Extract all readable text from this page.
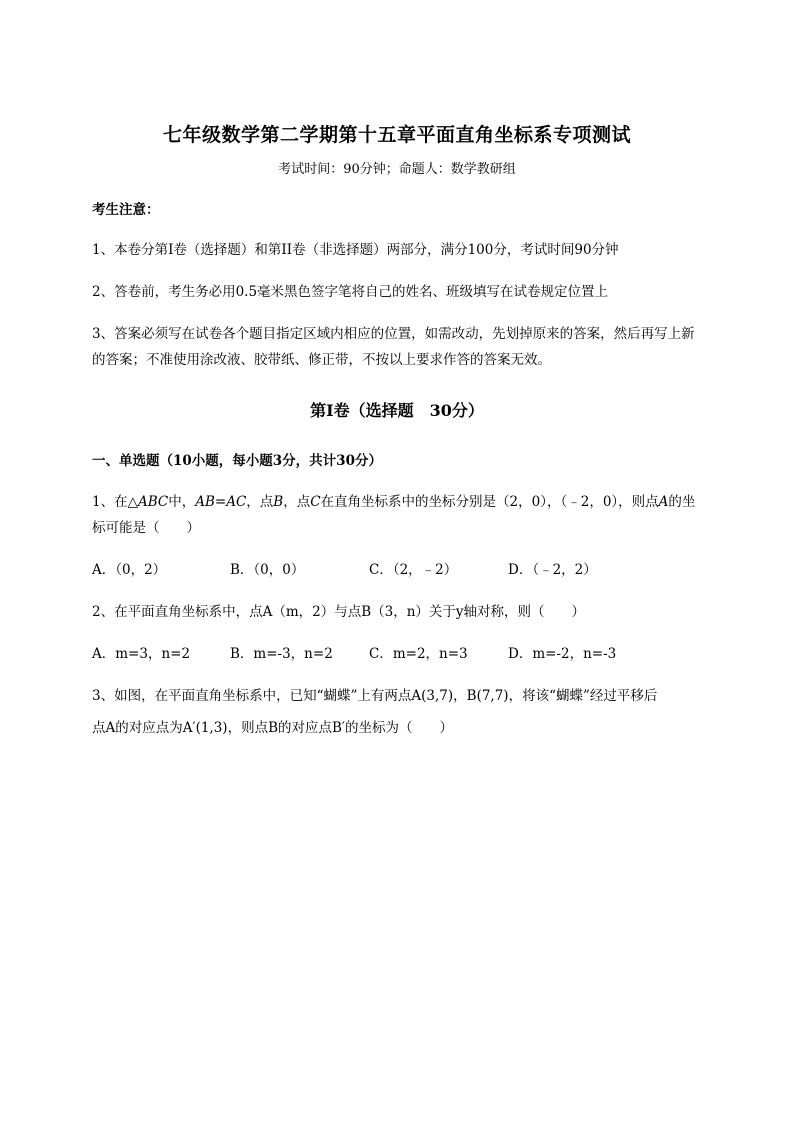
七年级数学第二学期第十五章平面直角坐标系专项测试
考试时间：90分钟；命题人：数学教研组
考生注意：
1、本卷分第I卷（选择题）和第II卷（非选择题）两部分，满分100分，考试时间90分钟
2、答卷前，考生务必用0.5毫米黑色签字笔将自己的姓名、班级填写在试卷规定位置上
3、答案必须写在试卷各个题目指定区域内相应的位置，如需改动，先划掉原来的答案，然后再写上新
的答案；不准使用涂改液、胶带纸、修正带，不按以上要求作答的答案无效。
第I卷（选择题　30分）
一、单选题（10小题，每小题3分，共计30分）
1、在△ABC中，AB=AC，点B，点C在直角坐标系中的坐标分别是（2，0），（﹣2，0），则点A的坐
标可能是（　　）
A．（0，2）	B．（0，0）	C．（2，﹣2）	D．（﹣2，2）
2、在平面直角坐标系中，点A（m，2）与点B（3，n）关于y轴对称，则（　　）
A．m=3，n=2	B．m=-3，n=2	C．m=2，n=3	D．m=-2，n=-3
3、如图，在平面直角坐标系中，已知“蝴蝶”上有两点A(3,7)，B(7,7)，将该“蝴蝶”经过平移后
点A的对应点为A′(1,3)，则点B的对应点B′的坐标为（　　）
